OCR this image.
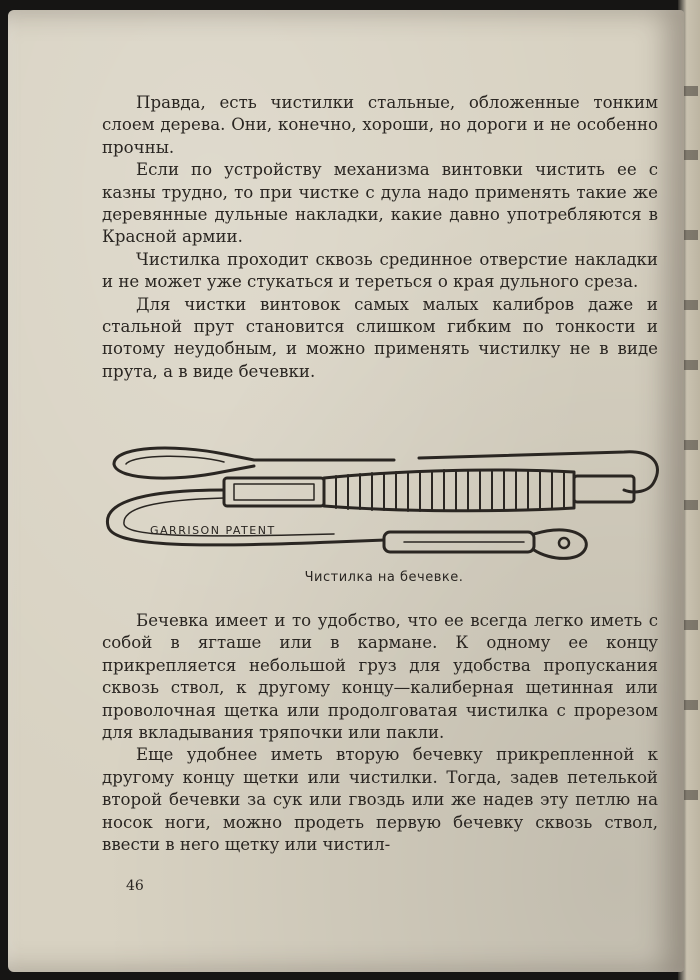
Правда, есть чистилки стальные, обложенные тонким слоем дерева. Они, конечно, хороши, но дороги и не особенно прочны.

Если по устройству механизма винтовки чистить ее с казны трудно, то при чистке с дула надо применять такие же деревянные дульные накладки, какие давно употребляются в Красной армии.

Чистилка проходит сквозь срединное отверстие накладки и не может уже стукаться и тереться о края дульного среза.

Для чистки винтовок самых малых калибров даже и стальной прут становится слишком гибким по тонкости и потому неудобным, и можно применять чистилку не в виде прута, а в виде бечевки.

GARRISON PATENT
Чистилка на бечевке.

Бечевка имеет и то удобство, что ее всегда легко иметь с собой в ягташе или в кармане. К одному ее концу прикрепляется небольшой груз для удобства пропускания сквозь ствол, к другому концу—калиберная щетинная или проволочная щетка или продолговатая чистилка с прорезом для вкладывания тряпочки или пакли.

Еще удобнее иметь вторую бечевку прикрепленной к другому концу щетки или чистилки. Тогда, задев петелькой второй бечевки за сук или гвоздь или же надев эту петлю на носок ноги, можно продеть первую бечевку сквозь ствол, ввести в него щетку или чистил-

46
